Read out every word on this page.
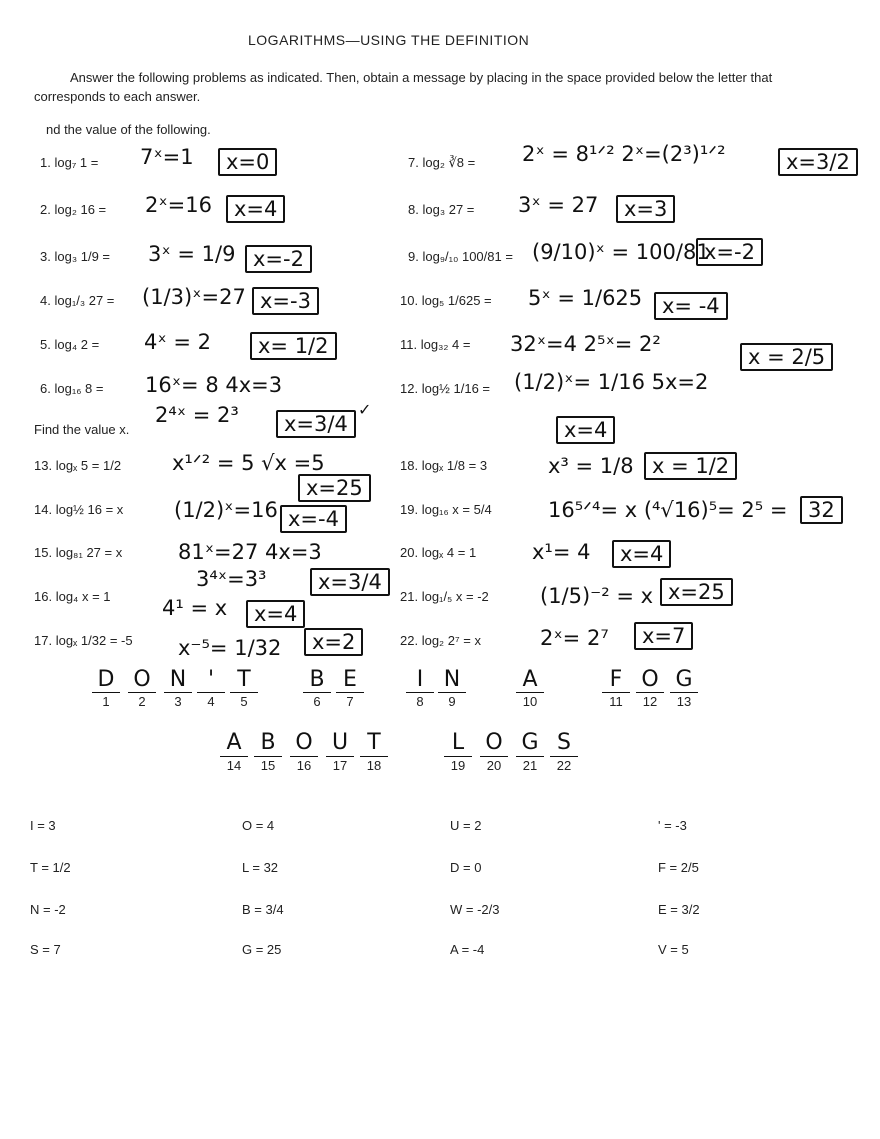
LOGARITHMS—USING THE DEFINITION
Answer the following problems as indicated. Then, obtain a message by placing in the space provided below the letter that corresponds to each answer.
nd the value of the following.
Find the value x.
1. log₇ 1 = 7ˣ=1	x=0
2. log₂ 16 = 2ˣ=16	x=4
3. log₃ 1/9 = 3ˣ = 1/9 x=-2
4. log₁/₃ 27 = (1/3)ˣ=27 x=-3
5. log₄ 2 = 4ˣ = 2	x= 1/2
6. log₁₆ 8 = 16ˣ= 8 4x=3
2⁴ˣ = 2³	x=3/4
✓
7. log₂ ∛8 = 2ˣ = 8¹ᐟ² 2ˣ=(2³)¹ᐟ²	x=3/2
8. log₃ 27 = 3ˣ = 27	x=3
9. log₉/₁₀ 100/81 = (9/10)ˣ = 100/81
x=-2
10. log₅ 1/625 = 5ˣ = 1/625 x= -4
11. log₃₂ 4 = 32ˣ=4 2⁵ˣ= 2²
x = 2/5
12. log½ 1/16 = (1/2)ˣ= 1/16 5x=2
x=4
13. logₓ 5 = 1/2 x¹ᐟ² = 5 √x =5
x=25
14. log½ 16 = x (1/2)ˣ=16 x=-4
15. log₈₁ 27 = x	81ˣ=27 4x=3
3⁴ˣ=3³	x=3/4
16. log₄ x = 1 4¹ = x	x=4
17. logₓ 1/32 = -5 x⁻⁵= 1/32	x=2
18. logₓ 1/8 = 3	x³ = 1/8 x = 1/2
19. log₁₆ x = 5/4	16⁵ᐟ⁴= x (⁴√16)⁵= 2⁵ = 32
20. logₓ 4 = 1	x¹= 4	x=4
21. log₁/₅ x = -2 (1/5)⁻² = x x=25
22. log₂ 2⁷ = x	2ˣ= 2⁷	x=7
D
1
O
2
N
3
'
4
T
5
B
6
E
7
I
8
N
9
A
10
F
11
O
12
G
13
A
14
B
15
O
16
U
17
T
18
L
19
O
20
G
21
S
22
I = 3	O = 4	U = 2	' = -3
T = 1/2	L = 32	D = 0	F = 2/5
N = -2	B = 3/4	W = -2/3	E = 3/2
S = 7	G = 25	A = -4	V = 5
